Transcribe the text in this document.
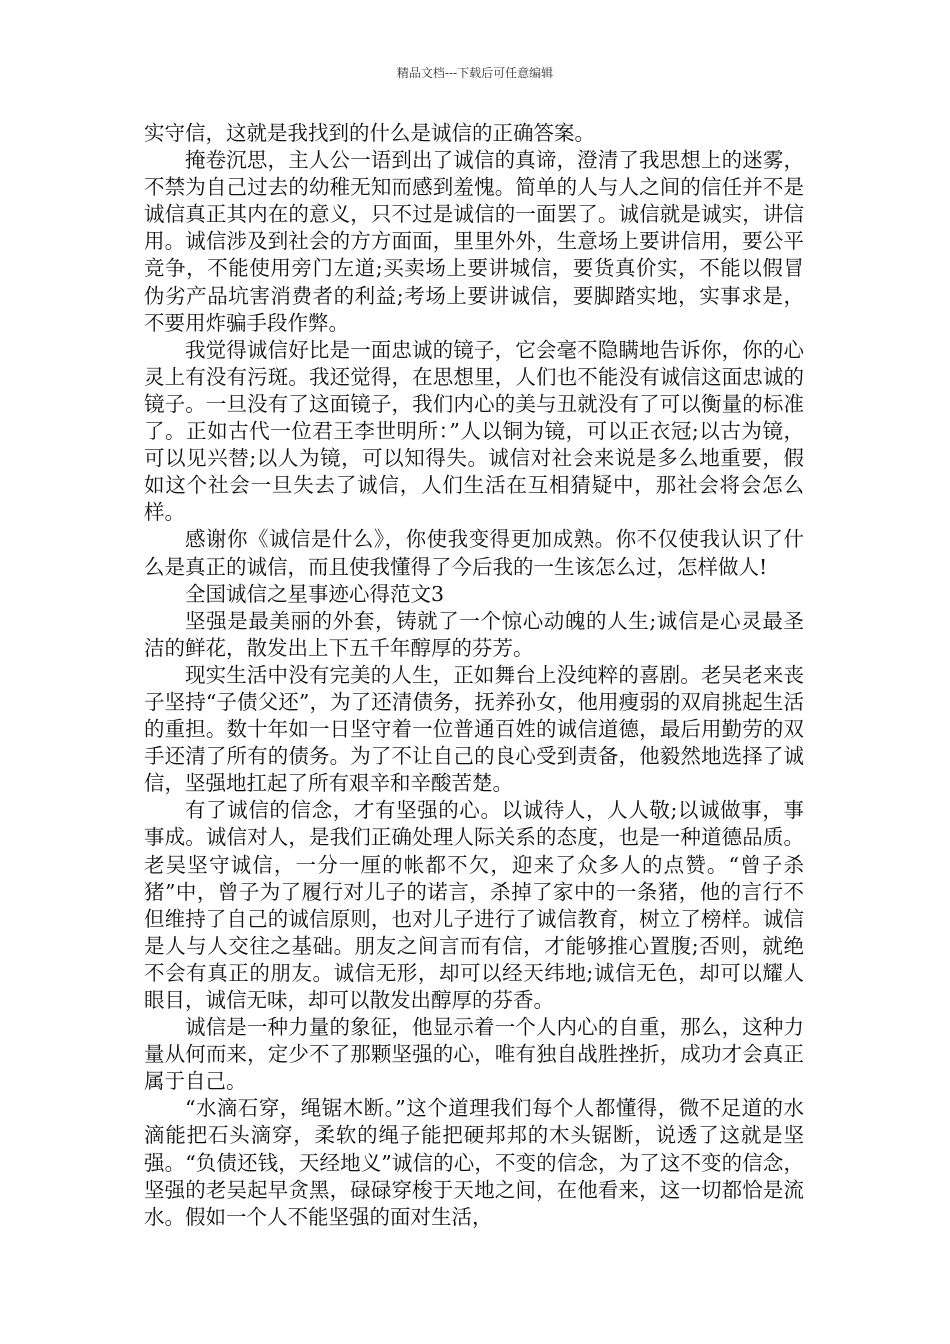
精品文档---下载后可任意编辑

实守信，这就是我找到的什么是诚信的正确答案。

掩卷沉思，主人公一语到出了诚信的真谛，澄清了我思想上的迷雾，不禁为自己过去的幼稚无知而感到羞愧。简单的人与人之间的信任并不是诚信真正其内在的意义，只不过是诚信的一面罢了。诚信就是诚实，讲信用。诚信涉及到社会的方方面面，里里外外，生意场上要讲信用，要公平竞争，不能使用旁门左道;买卖场上要讲城信，要货真价实，不能以假冒伪劣产品坑害消费者的利益;考场上要讲诚信，要脚踏实地，实事求是，不要用炸骗手段作弊。

我觉得诚信好比是一面忠诚的镜子，它会毫不隐瞒地告诉你，你的心灵上有没有污斑。我还觉得，在思想里，人们也不能没有诚信这面忠诚的镜子。一旦没有了这面镜子，我们内心的美与丑就没有了可以衡量的标准了。正如古代一位君王李世明所：”人以铜为镜，可以正衣冠;以古为镜，可以见兴替;以人为镜，可以知得失。诚信对社会来说是多么地重要，假如这个社会一旦失去了诚信，人们生活在互相猜疑中，那社会将会怎么样。

感谢你《诚信是什么》，你使我变得更加成熟。你不仅使我认识了什么是真正的诚信，而且使我懂得了今后我的一生该怎么过，怎样做人!

全国诚信之星事迹心得范文3

坚强是最美丽的外套，铸就了一个惊心动魄的人生;诚信是心灵最圣洁的鲜花，散发出上下五千年醇厚的芬芳。

现实生活中没有完美的人生，正如舞台上没纯粹的喜剧。老吴老来丧子坚持“子债父还”，为了还清债务，抚养孙女，他用瘦弱的双肩挑起生活的重担。数十年如一日坚守着一位普通百姓的诚信道德，最后用勤劳的双手还清了所有的债务。为了不让自己的良心受到责备，他毅然地选择了诚信，坚强地扛起了所有艰辛和辛酸苦楚。

有了诚信的信念，才有坚强的心。以诚待人，人人敬;以诚做事，事事成。诚信对人，是我们正确处理人际关系的态度，也是一种道德品质。老吴坚守诚信，一分一厘的帐都不欠，迎来了众多人的点赞。“曾子杀猪”中，曾子为了履行对儿子的诺言，杀掉了家中的一条猪，他的言行不但维持了自己的诚信原则，也对儿子进行了诚信教育，树立了榜样。诚信是人与人交往之基础。朋友之间言而有信，才能够推心置腹;否则，就绝不会有真正的朋友。诚信无形，却可以经天纬地;诚信无色，却可以耀人眼目，诚信无味，却可以散发出醇厚的芬香。

诚信是一种力量的象征，他显示着一个人内心的自重，那么，这种力量从何而来，定少不了那颗坚强的心，唯有独自战胜挫折，成功才会真正属于自己。

“水滴石穿，绳锯木断。”这个道理我们每个人都懂得，微不足道的水滴能把石头滴穿，柔软的绳子能把硬邦邦的木头锯断，说透了这就是坚强。“负债还钱，天经地义”诚信的心，不变的信念，为了这不变的信念，坚强的老吴起早贪黑，碌碌穿梭于天地之间，在他看来，这一切都恰是流水。假如一个人不能坚强的面对生活，
